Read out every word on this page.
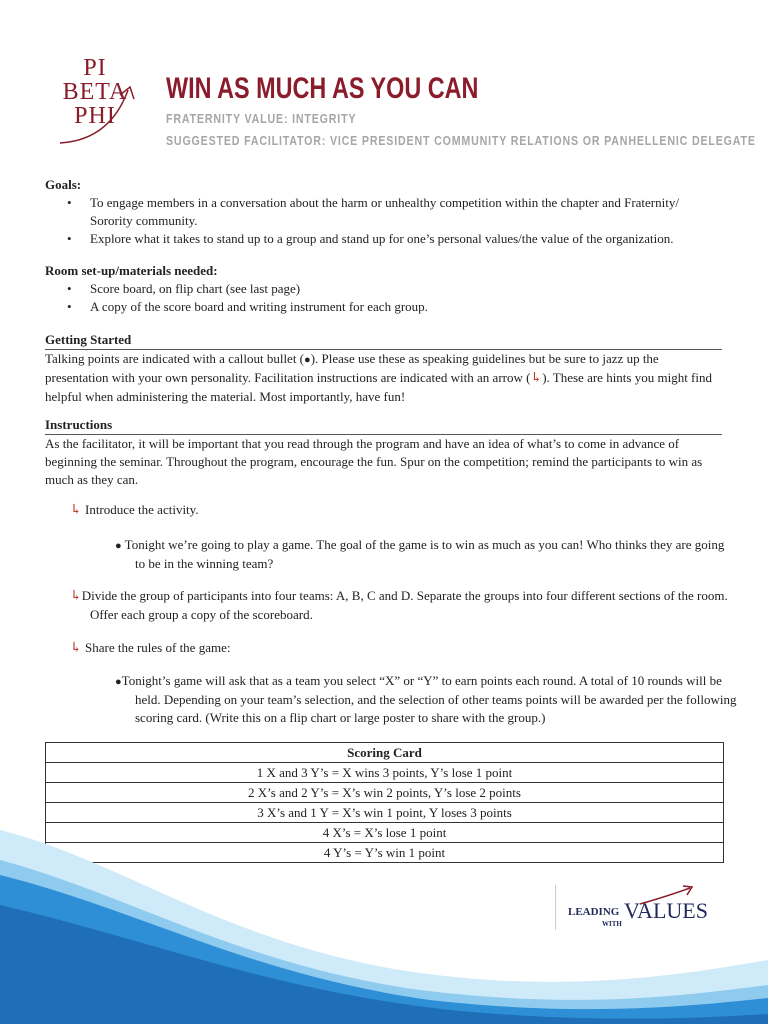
PI
BETA
PHI
WIN AS MUCH AS YOU CAN
FRATERNITY VALUE: INTEGRITY
SUGGESTED FACILITATOR: VICE PRESIDENT COMMUNITY RELATIONS OR PANHELLENIC DELEGATE
Goals:
• To engage members in a conversation about the harm or unhealthy competition within the chapter and Fraternity/ Sorority community.
• Explore what it takes to stand up to a group and stand up for one’s personal values/the value of the organization.
Room set-up/materials needed:
• Score board, on flip chart (see last page)
• A copy of the score board and writing instrument for each group.
Getting Started
Talking points are indicated with a callout bullet (●). Please use these as speaking guidelines but be sure to jazz up the presentation with your own personality. Facilitation instructions are indicated with an arrow (↳). These are hints you might find helpful when administering the material. Most importantly, have fun!
Instructions
As the facilitator, it will be important that you read through the program and have an idea of what’s to come in advance of beginning the seminar. Throughout the program, encourage the fun. Spur on the competition; remind the participants to win as much as they can.
↳ Introduce the activity.
● Tonight we’re going to play a game. The goal of the game is to win as much as you can! Who thinks they are going to be in the winning team?
↳Divide the group of participants into four teams: A, B, C and D. Separate the groups into four different sections of the room. Offer each group a copy of the scoreboard.
↳ Share the rules of the game:
●Tonight’s game will ask that as a team you select “X” or “Y” to earn points each round. A total of 10 rounds will be held. Depending on your team’s selection, and the selection of other teams points will be awarded per the following scoring card. (Write this on a flip chart or large poster to share with the group.)
Scoring Card
1 X and 3 Y’s = X wins 3 points, Y’s lose 1 point
2 X’s and 2 Y’s = X’s win 2 points, Y’s lose 2 points
3 X’s and 1 Y = X’s win 1 point, Y loses 3 points
4 X’s = X’s lose 1 point
4 Y’s = Y’s win 1 point
LEADING
WITH
VALUES
